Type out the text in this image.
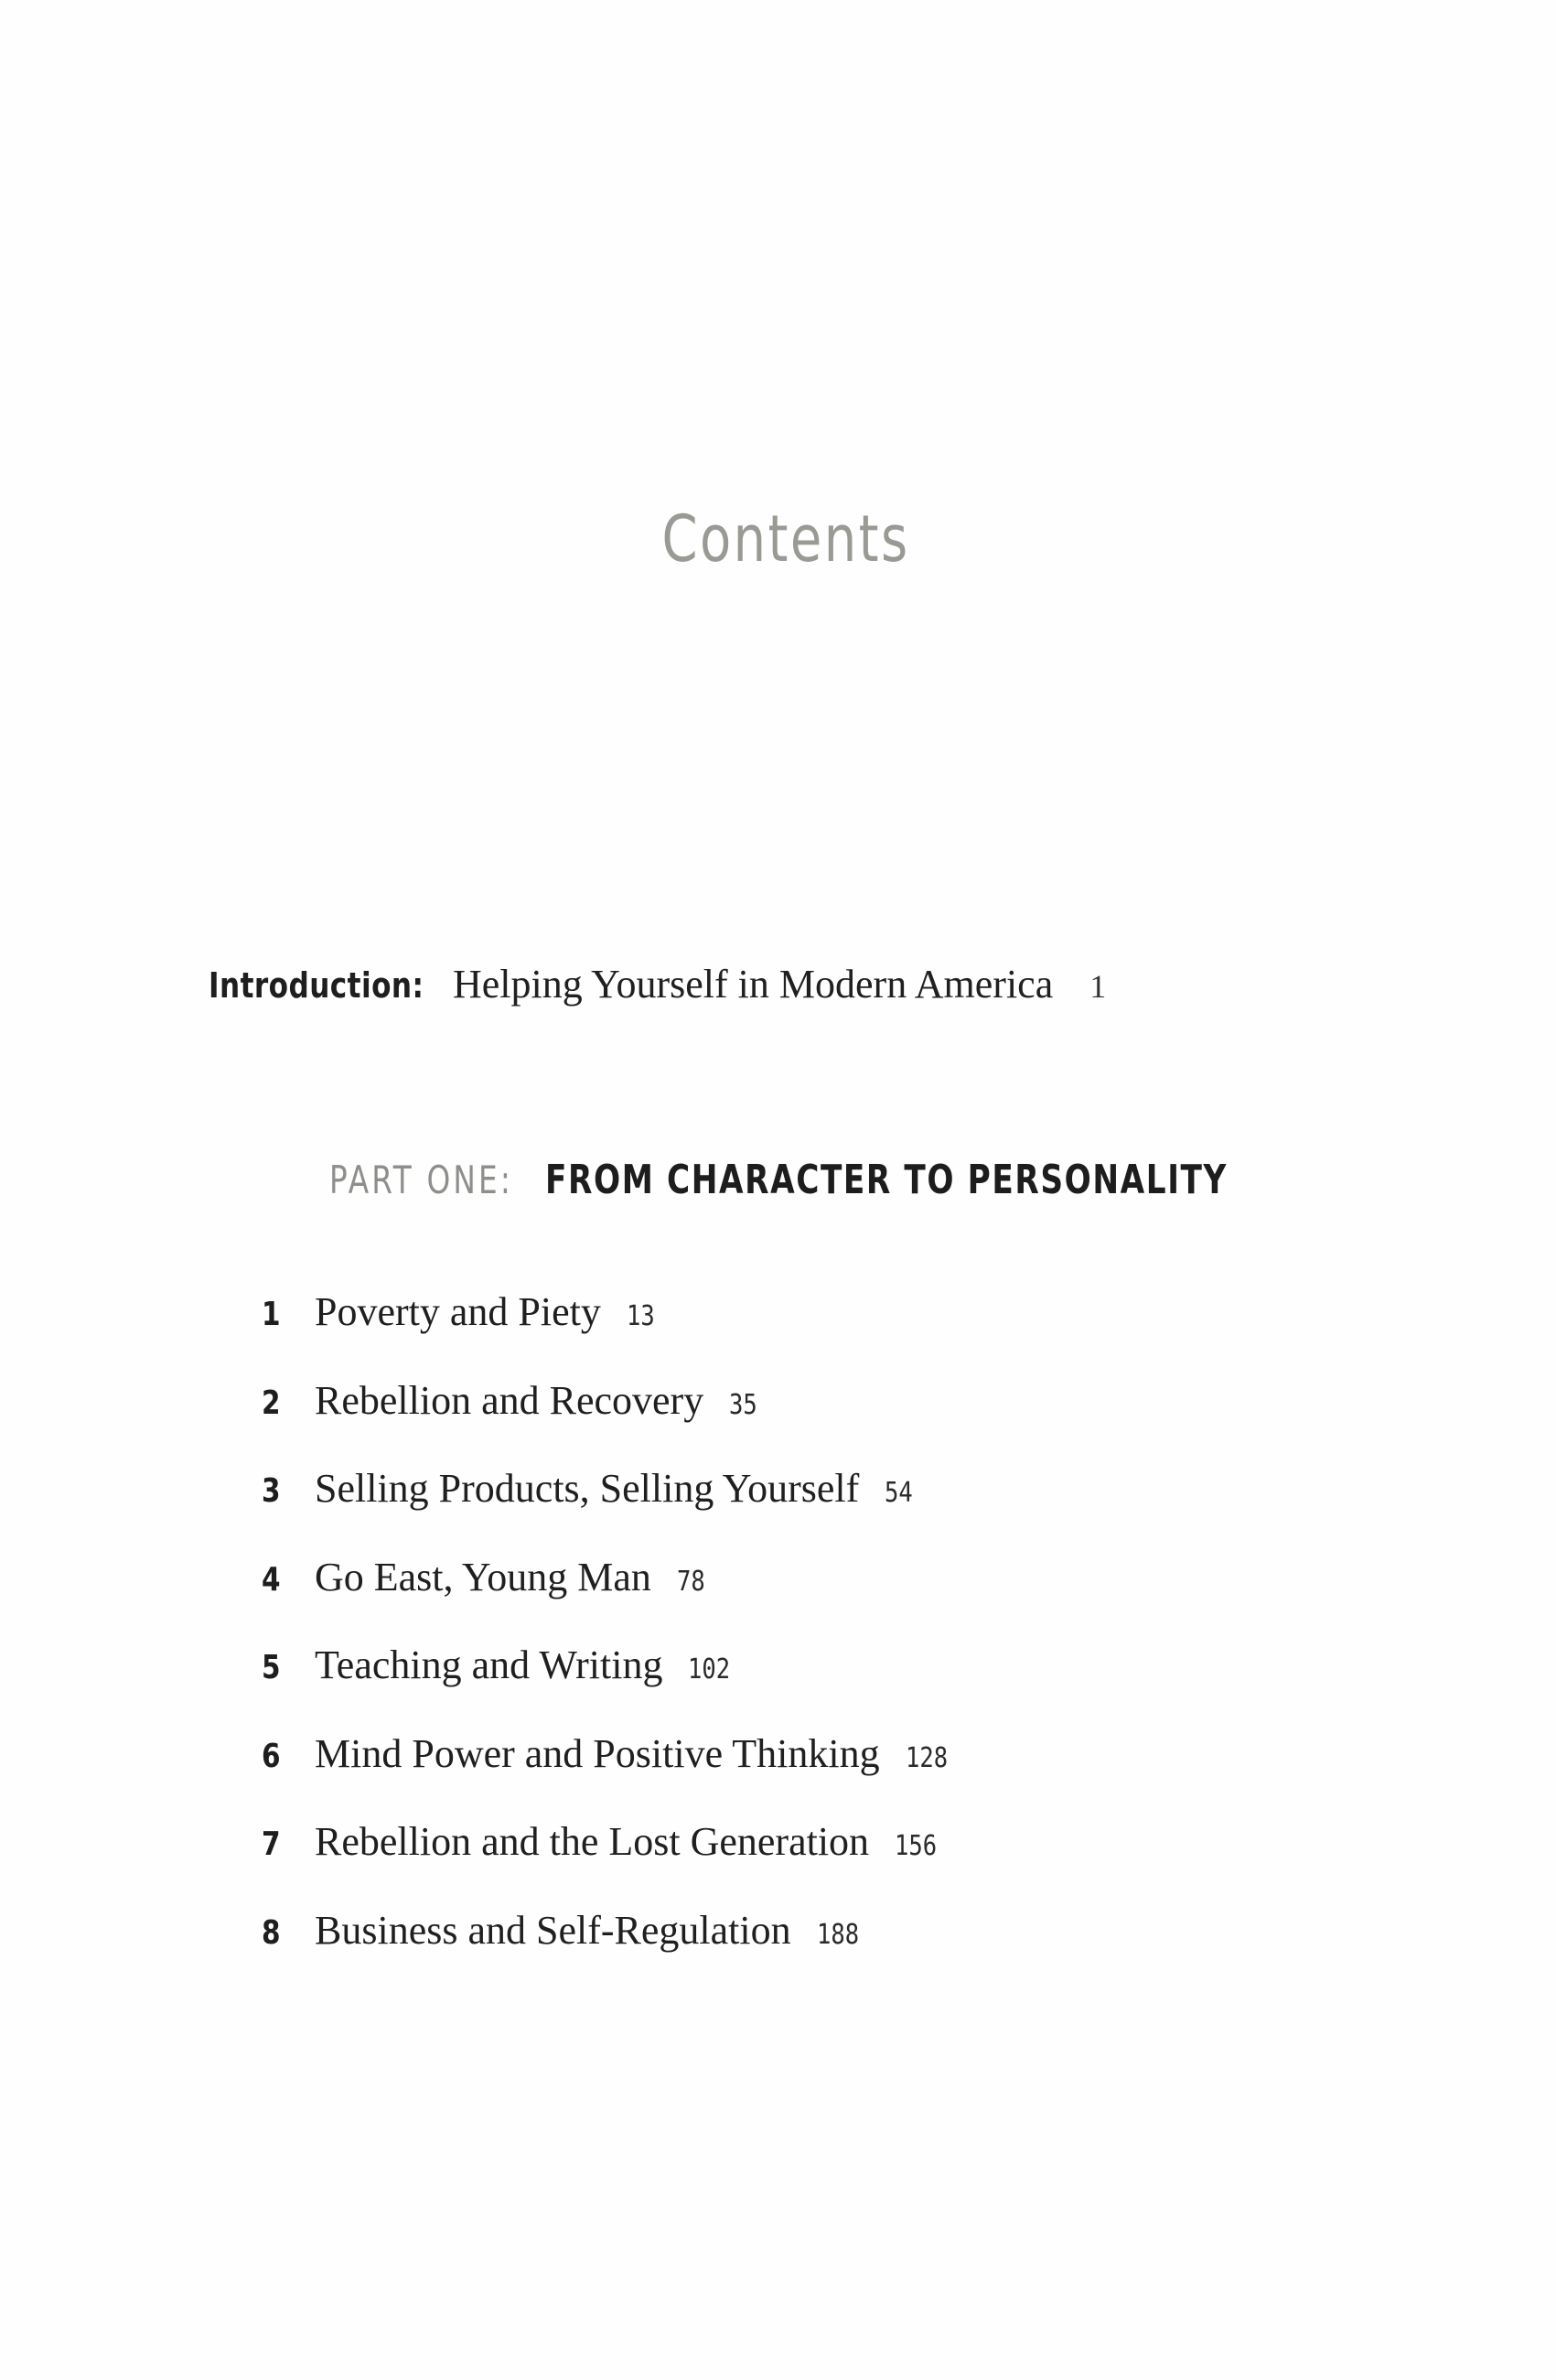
Contents
Introduction: Helping Yourself in Modern America 1
PART ONE: FROM CHARACTER TO PERSONALITY
1 Poverty and Piety 13
2 Rebellion and Recovery 35
3 Selling Products, Selling Yourself 54
4 Go East, Young Man 78
5 Teaching and Writing 102
6 Mind Power and Positive Thinking 128
7 Rebellion and the Lost Generation 156
8 Business and Self-Regulation 188
